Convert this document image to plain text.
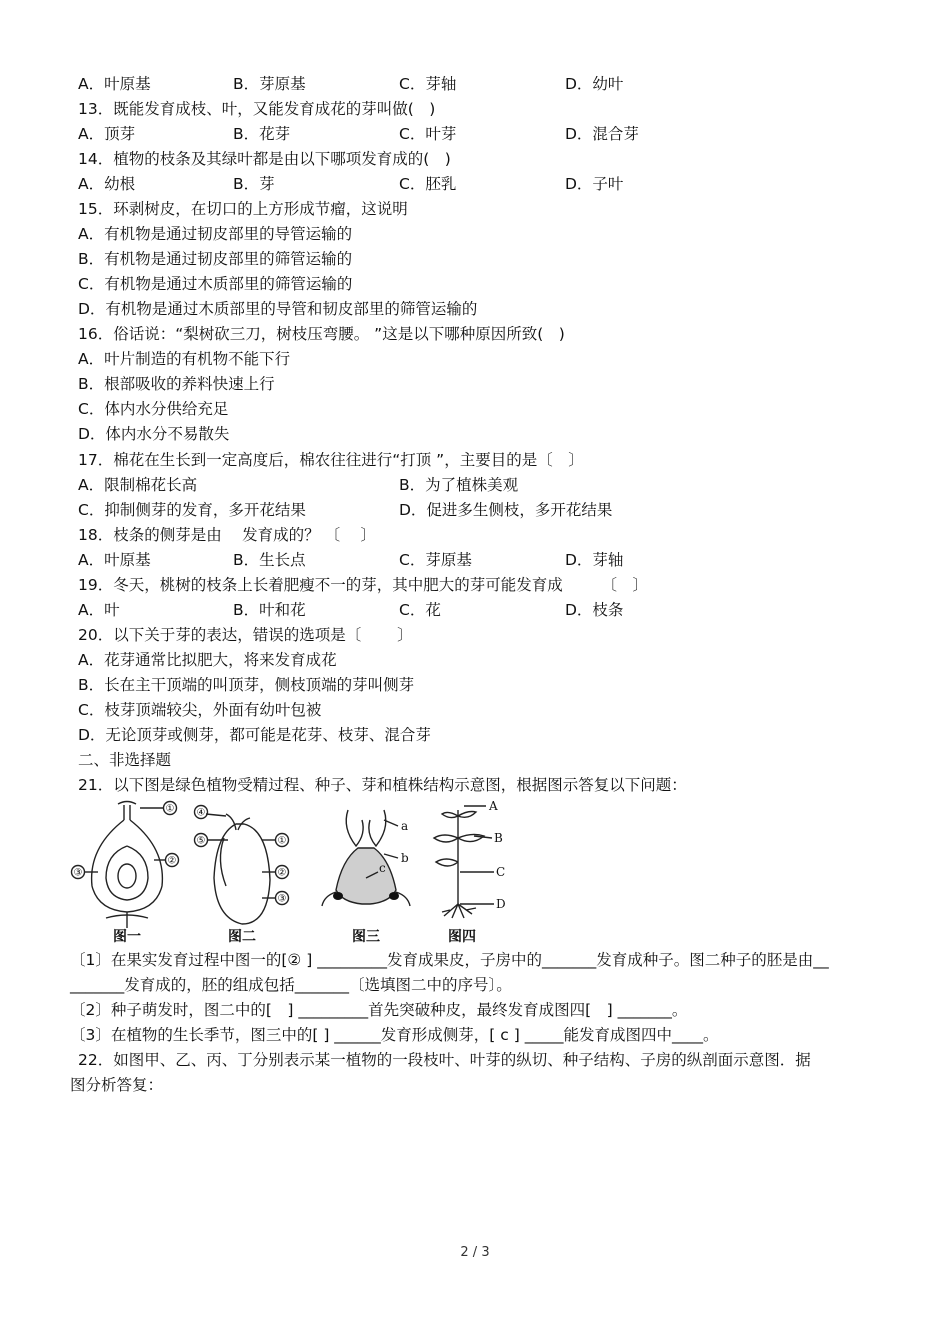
A．叶原基	B．芽原基	C．芽轴	D．幼叶
13．既能发育成枝、叶，又能发育成花的芽叫做(　)
A．顶芽	B．花芽	C．叶芽	D．混合芽
14．植物的枝条及其绿叶都是由以下哪项发育成的(　)
A．幼根	B．芽	C．胚乳	D．子叶
15．环剥树皮，在切口的上方形成节瘤，这说明
A．有机物是通过韧皮部里的导管运输的
B．有机物是通过韧皮部里的筛管运输的
C．有机物是通过木质部里的筛管运输的
D．有机物是通过木质部里的导管和韧皮部里的筛管运输的
16．俗话说：“梨树砍三刀，树枝压弯腰。 ”这是以下哪种原因所致(　)
A．叶片制造的有机物不能下行
B．根部吸收的养料快速上行
C．体内水分供给充足
D．体内水分不易散失
17．棉花在生长到一定高度后，棉农往往进行“打顶 ”，主要目的是〔　〕
A．限制棉花长高	B．为了植株美观
C．抑制侧芽的发育，多开花结果	D．促进多生侧枝，多开花结果
18．枝条的侧芽是由　 发育成的？ 〔　 〕
A．叶原基	B．生长点	C．芽原基	D．芽轴
19．冬天，桃树的枝条上长着肥瘦不一的芽，其中肥大的芽可能发育成　　　〔　〕
A．叶	B．叶和花	C．花	D．枝条
20．以下关于芽的表达，错误的选项是〔　 　〕
A．花芽通常比拟肥大，将来发育成花
B．长在主干顶端的叫顶芽，侧枝顶端的芽叫侧芽
C．枝芽顶端较尖，外面有幼叶包被
D．无论顶芽或侧芽，都可能是花芽、枝芽、混合芽
二、非选择题
21．以下图是绿色植物受精过程、种子、芽和植株结构示意图，根据图示答复以下问题：
①
②
③
④
⑤	①
②
③
a
b
c
A
B
C
D
图一	图二	图三	图四
〔1〕在果实发育过程中图一的[② ] _________发育成果皮，子房中的_______发育成种子。图二种子的胚是由__
_______发育成的，胚的组成包括_______〔选填图二中的序号〕。
〔2〕种子萌发时，图二中的[　] _________首先突破种皮，最终发育成图四[　] _______。
〔3〕在植物的生长季节，图三中的[ ] ______发育形成侧芽，[ c ] _____能发育成图四中____。
22．如图甲、乙、丙、丁分别表示某一植物的一段枝叶、叶芽的纵切、种子结构、子房的纵剖面示意图．据
图分析答复：
2 / 3
